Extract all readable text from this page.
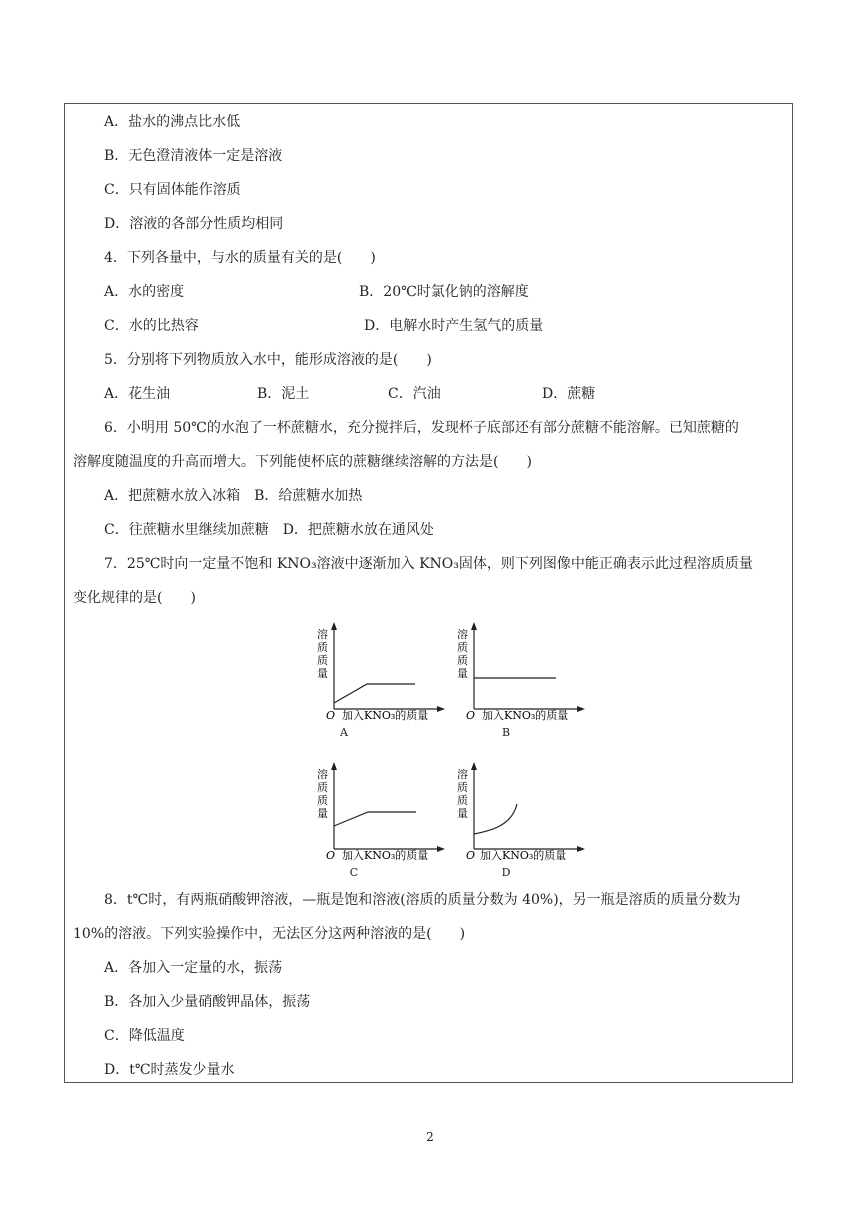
A．盐水的沸点比水低
B．无色澄清液体一定是溶液
C．只有固体能作溶质
D．溶液的各部分性质均相同
4．下列各量中，与水的质量有关的是(　　)
A．水的密度	B．20℃时氯化钠的溶解度
C．水的比热容	D．电解水时产生氢气的质量
5．分别将下列物质放入水中，能形成溶液的是(　　)
A．花生油	B．泥土	C．汽油	D．蔗糖
6．小明用 50℃的水泡了一杯蔗糖水，充分搅拌后，发现杯子底部还有部分蔗糖不能溶解。已知蔗糖的
溶解度随温度的升高而增大。下列能使杯底的蔗糖继续溶解的方法是(　　)
A．把蔗糖水放入冰箱　B．给蔗糖水加热
C．往蔗糖水里继续加蔗糖　D．把蔗糖水放在通风处
7．25℃时向一定量不饱和 KNO₃溶液中逐渐加入 KNO₃固体，则下列图像中能正确表示此过程溶质质量
变化规律的是(　　)
溶
质
质
量
O 加入KNO₃的质量
A
溶
质
质
量
O 加入KNO₃的质量
B
溶
质
质
量
O 加入KNO₃的质量
C
溶
质
质
量
O 加入KNO₃的质量
D
8．t℃时，有两瓶硝酸钾溶液，—瓶是饱和溶液(溶质的质量分数为 40%)，另一瓶是溶质的质量分数为
10%的溶液。下列实验操作中，无法区分这两种溶液的是(　　)
A．各加入一定量的水，振荡
B．各加入少量硝酸钾晶体，振荡
C．降低温度
D．t℃时蒸发少量水
2
